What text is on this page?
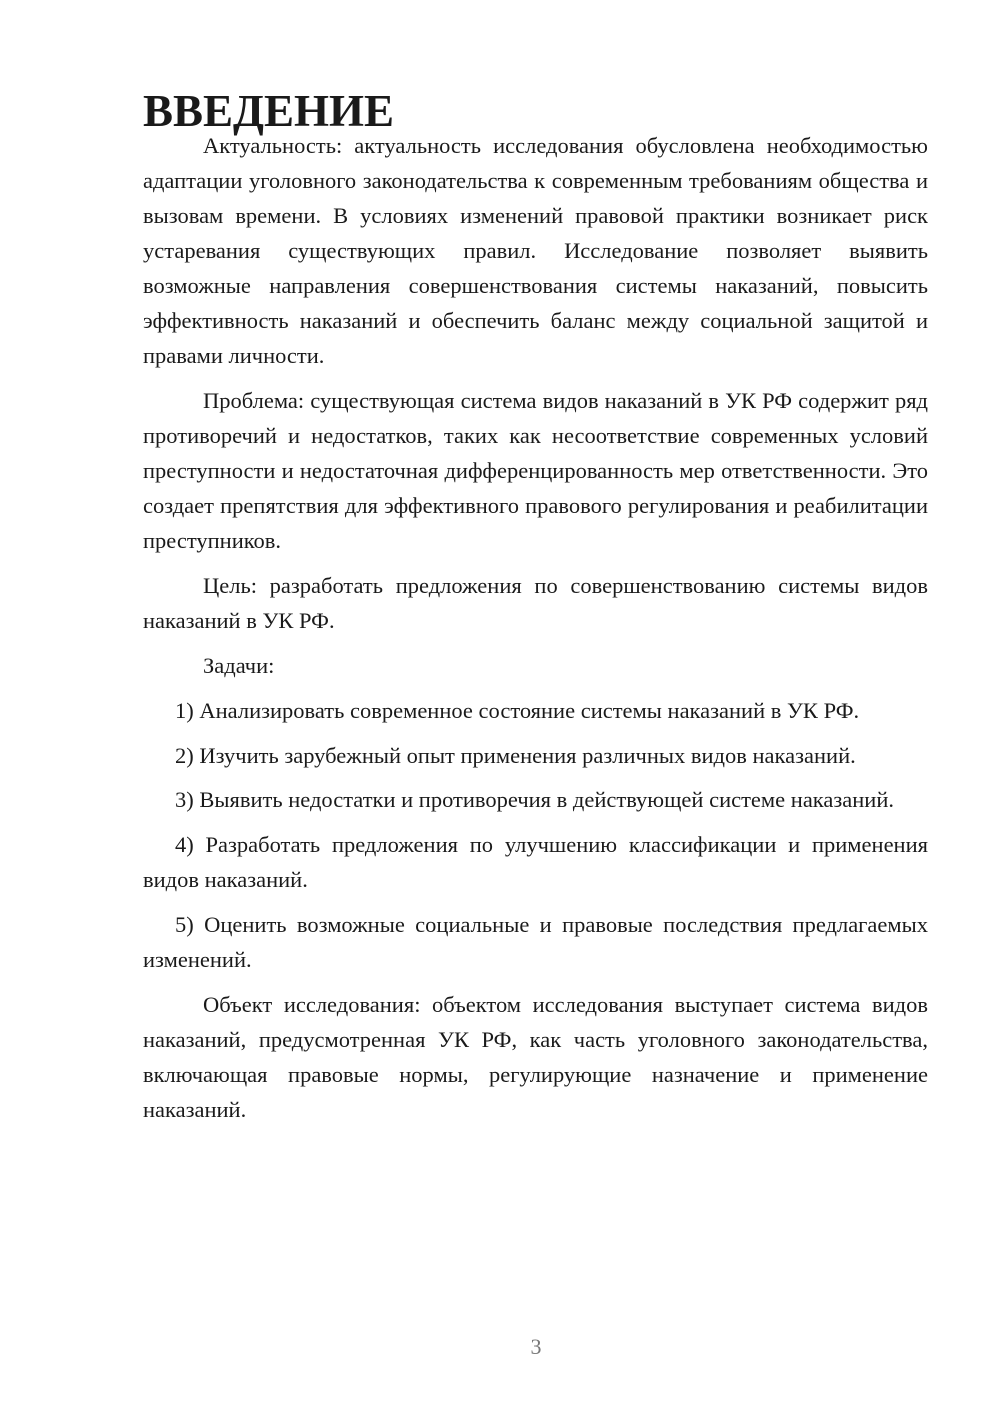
ВВЕДЕНИЕ

Актуальность: актуальность исследования обусловлена необходимостью адаптации уголовного законодательства к современным требованиям общества и вызовам времени. В условиях изменений правовой практики возникает риск устаревания существующих правил. Исследование позволяет выявить возможные направления совершенствования системы наказаний, повысить эффективность наказаний и обеспечить баланс между социальной защитой и правами личности.

Проблема: существующая система видов наказаний в УК РФ содержит ряд противоречий и недостатков, таких как несоответствие современных условий преступности и недостаточная дифференцированность мер ответственности. Это создает препятствия для эффективного правового регулирования и реабилитации преступников.

Цель: разработать предложения по совершенствованию системы видов наказаний в УК РФ.

Задачи:

1) Анализировать современное состояние системы наказаний в УК РФ.

2) Изучить зарубежный опыт применения различных видов наказаний.

3) Выявить недостатки и противоречия в действующей системе наказаний.

4) Разработать предложения по улучшению классификации и применения видов наказаний.

5) Оценить возможные социальные и правовые последствия предлагаемых изменений.

Объект исследования: объектом исследования выступает система видов наказаний, предусмотренная УК РФ, как часть уголовного законодательства, включающая правовые нормы, регулирующие назначение и применение наказаний.

3
